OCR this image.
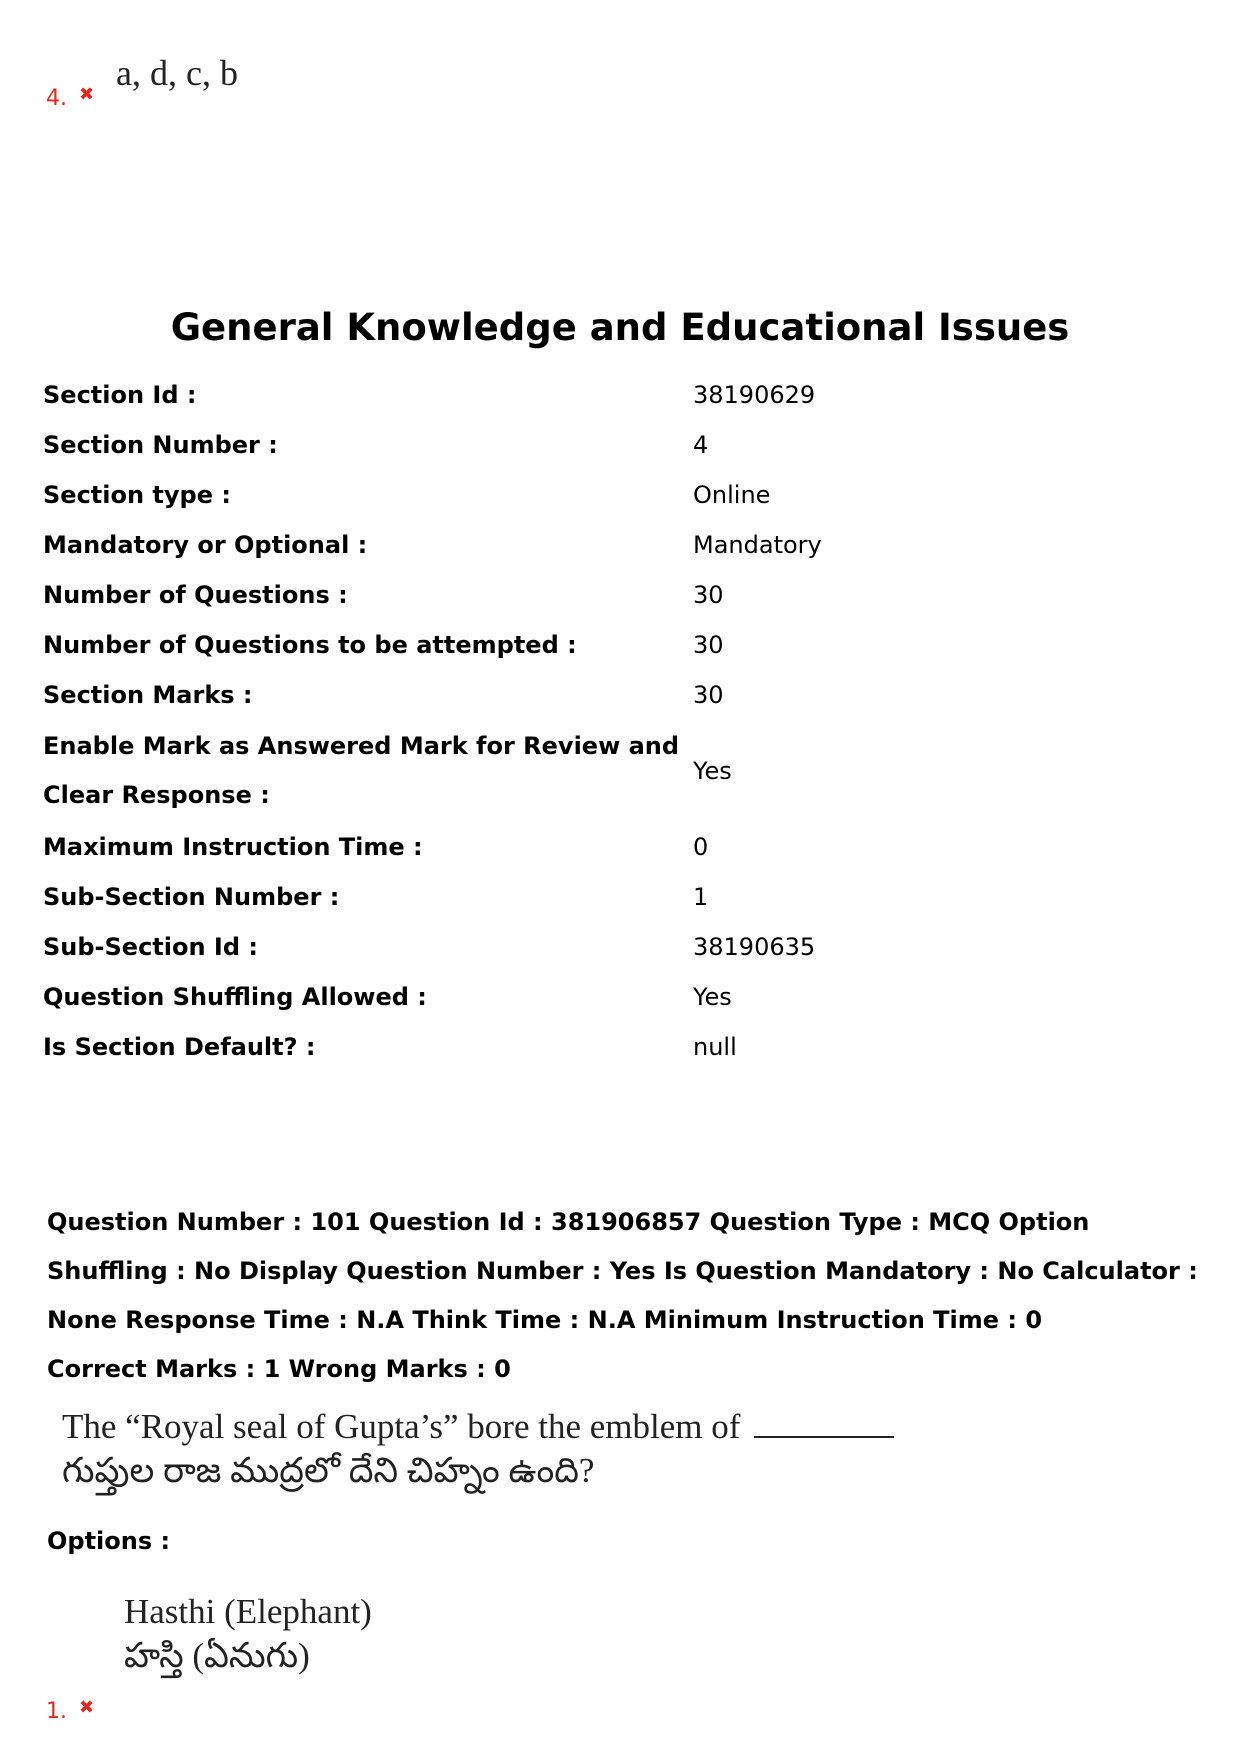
a, d, c, b
4. ✖
General Knowledge and Educational Issues
Section Id :	38190629
Section Number :	4
Section type :	Online
Mandatory or Optional :	Mandatory
Number of Questions :	30
Number of Questions to be attempted :	30
Section Marks :	30
Enable Mark as Answered Mark for Review and Clear Response :	Yes
Maximum Instruction Time :	0
Sub-Section Number :	1
Sub-Section Id :	38190635
Question Shuffling Allowed :	Yes
Is Section Default? :	null
Question Number : 101 Question Id : 381906857 Question Type : MCQ Option Shuffling : No Display Question Number : Yes Is Question Mandatory : No Calculator : None Response Time : N.A Think Time : N.A Minimum Instruction Time : 0
Correct Marks : 1 Wrong Marks : 0
The “Royal seal of Gupta’s” bore the emblem of
గుప్తుల రాజ ముద్రలో దేని చిహ్నం ఉంది?
Options :
Hasthi (Elephant)
హస్తి (ఏనుగు)
1. ✖
